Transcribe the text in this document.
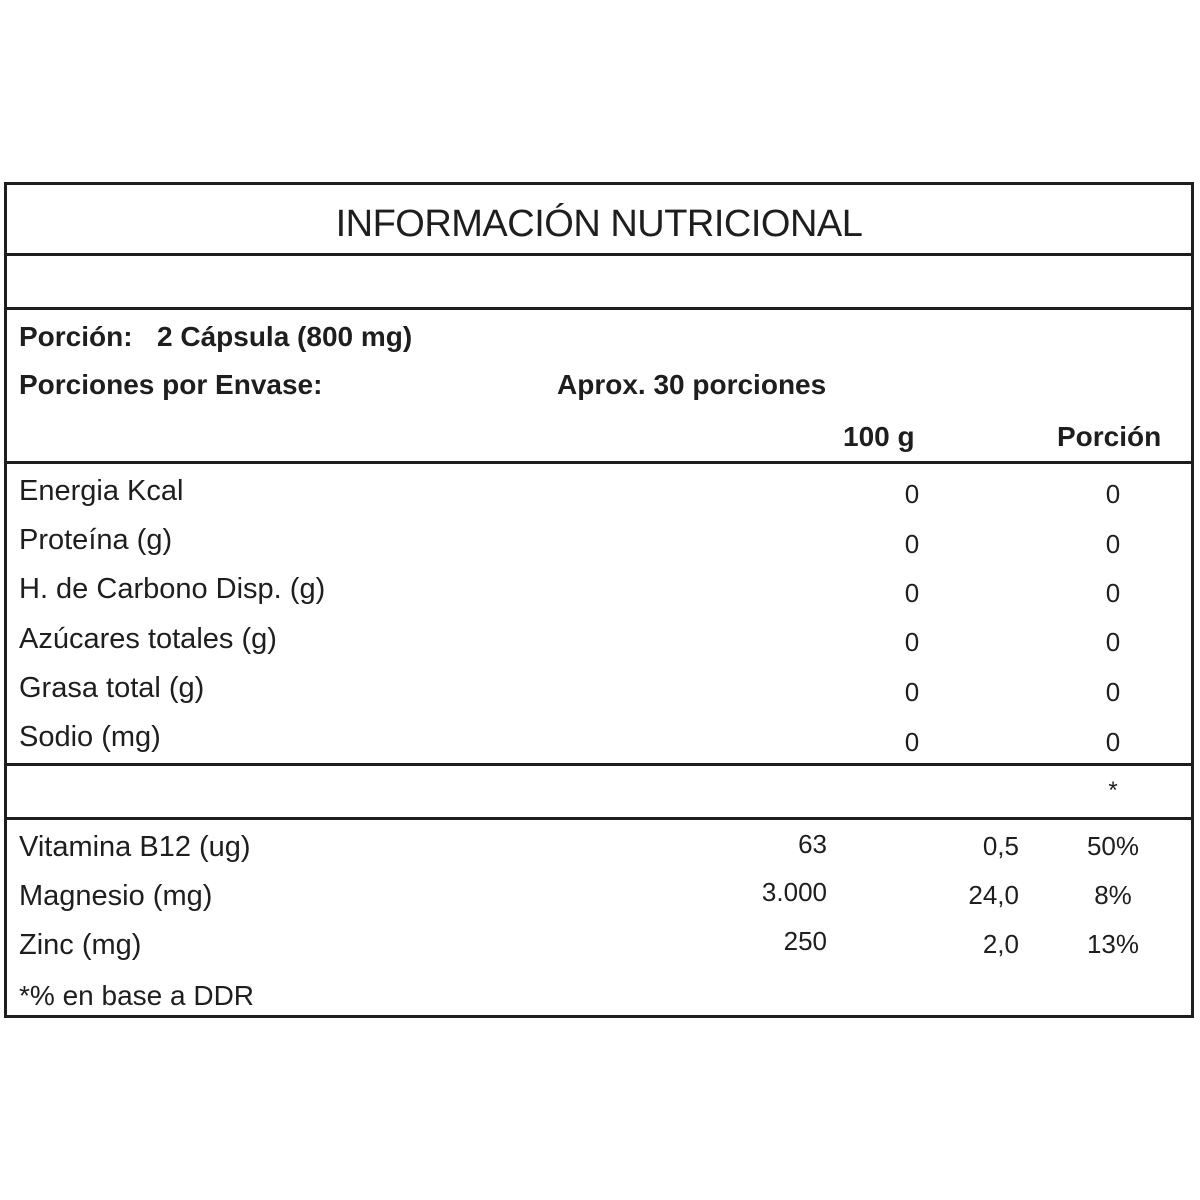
INFORMACIÓN NUTRICIONAL
Porción: 2 Cápsula (800 mg)
Porciones por Envase:	Aprox. 30 porciones
100 g	Porción
Energia Kcal	0	0
Proteína (g)	0	0
H. de Carbono Disp. (g)	0	0
Azúcares totales (g)	0	0
Grasa total (g)	0	0
Sodio (mg)	0	0
*
Vitamina B12 (ug)	63	0,5	50%
Magnesio (mg)	3.000	24,0	8%
Zinc (mg)	250	2,0	13%
*% en base a DDR
